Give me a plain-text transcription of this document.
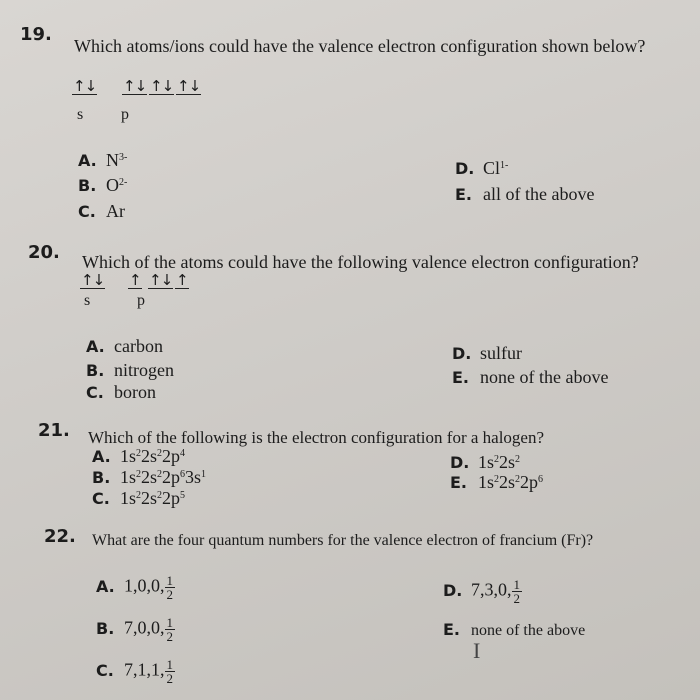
19.
Which atoms/ions could have the valence electron configuration shown below?
↑↓ ↑↓ ↑↓ ↑↓
s p
A. $N^{3-}$
B. $O^{2-}$
C. Ar
D. $Cl^{1-}$
E. all of the above
20. Which of the atoms could have the following valence electron configuration?
↑↓ ↑ ↑↓ ↑
s	p
A. carbon
B. nitrogen
C. boron
D. sulfur
E. none of the above
21. Which of the following is the electron configuration for a halogen?
A. $1s^22s^22p^4$
B. $1s^22s^22p^63s^1$
C. $1s^22s^22p^5$
D. $1s^22s^2$
E. $1s^22s^22p^6$
22. What are the four quantum numbers for the valence electron of francium (Fr)?
A. 1,0,0, $\frac{1}{2}$
B. 7,0,0, $\frac{1}{2}$
C. 7,1,1, $\frac{1}{2}$
D. 7,3,0, $\frac{1}{2}$
E. none of the above
I
